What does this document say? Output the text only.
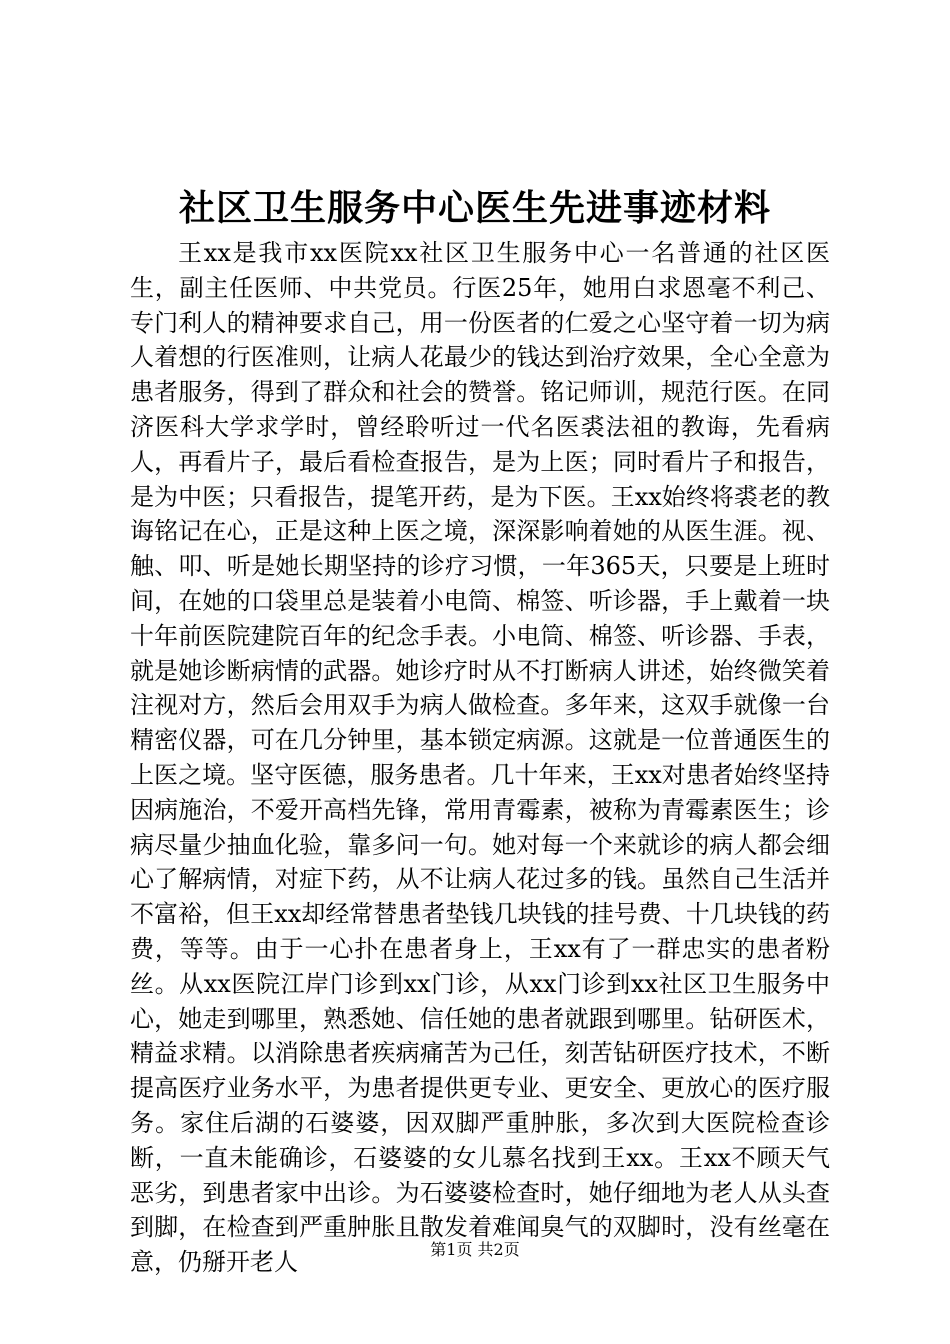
社区卫生服务中心医生先进事迹材料

王xx是我市xx医院xx社区卫生服务中心一名普通的社区医生，副主任医师、中共党员。行医25年，她用白求恩毫不利己、专门利人的精神要求自己，用一份医者的仁爱之心坚守着一切为病人着想的行医准则，让病人花最少的钱达到治疗效果，全心全意为患者服务，得到了群众和社会的赞誉。铭记师训，规范行医。在同济医科大学求学时，曾经聆听过一代名医裘法祖的教诲，先看病人，再看片子，最后看检查报告，是为上医；同时看片子和报告，是为中医；只看报告，提笔开药，是为下医。王xx始终将裘老的教诲铭记在心，正是这种上医之境，深深影响着她的从医生涯。视、触、叩、听是她长期坚持的诊疗习惯，一年365天，只要是上班时间，在她的口袋里总是装着小电筒、棉签、听诊器，手上戴着一块十年前医院建院百年的纪念手表。小电筒、棉签、听诊器、手表，就是她诊断病情的武器。她诊疗时从不打断病人讲述，始终微笑着注视对方，然后会用双手为病人做检查。多年来，这双手就像一台精密仪器，可在几分钟里，基本锁定病源。这就是一位普通医生的上医之境。坚守医德，服务患者。几十年来，王xx对患者始终坚持因病施治，不爱开高档先锋，常用青霉素，被称为青霉素医生；诊病尽量少抽血化验，靠多问一句。她对每一个来就诊的病人都会细心了解病情，对症下药，从不让病人花过多的钱。虽然自己生活并不富裕，但王xx却经常替患者垫钱几块钱的挂号费、十几块钱的药费，等等。由于一心扑在患者身上，王xx有了一群忠实的患者粉丝。从xx医院江岸门诊到xx门诊，从xx门诊到xx社区卫生服务中心，她走到哪里，熟悉她、信任她的患者就跟到哪里。钻研医术，精益求精。以消除患者疾病痛苦为己任，刻苦钻研医疗技术，不断提高医疗业务水平，为患者提供更专业、更安全、更放心的医疗服务。家住后湖的石婆婆，因双脚严重肿胀，多次到大医院检查诊断，一直未能确诊，石婆婆的女儿慕名找到王xx。王xx不顾天气恶劣，到患者家中出诊。为石婆婆检查时，她仔细地为老人从头查到脚，在检查到严重肿胀且散发着难闻臭气的双脚时，没有丝毫在意，仍掰开老人	第1页 共2页
